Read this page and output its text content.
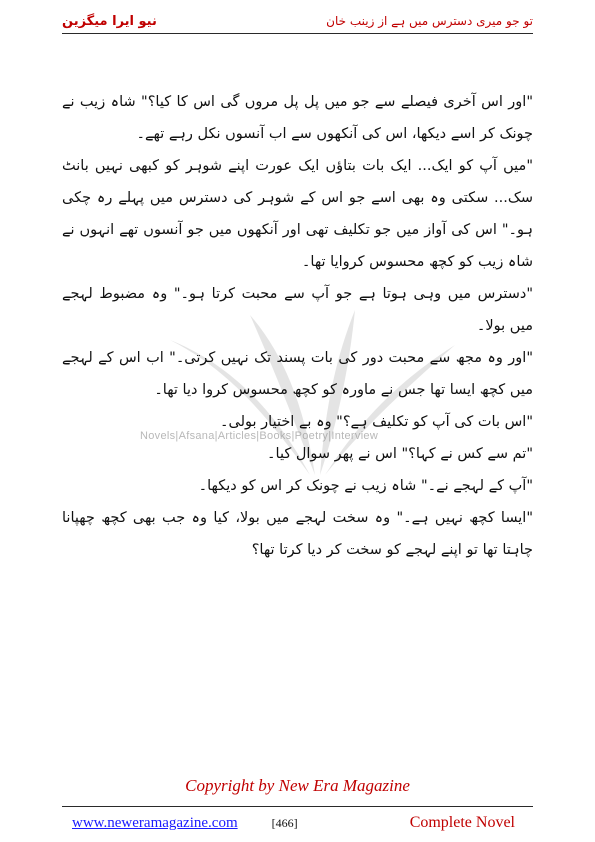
نیو ایرا میگزین	تو جو میری دسترس میں ہے از زینب خان
Novels|Afsana|Articles|Books|Poetry|Interview

"اور اس آخری فیصلے سے جو میں پل پل مروں گی اس کا کیا؟" شاہ زیب نے چونک کر اسے دیکھا، اس کی آنکھوں سے اب آنسوں نکل رہے تھے۔

"میں آپ کو ایک... ایک بات بتاؤں ایک عورت اپنے شوہر کو کبھی نہیں بانٹ سک... سکتی وہ بھی اسے جو اس کے شوہر کی دسترس میں پہلے رہ چکی ہو۔" اس کی آواز میں جو تکلیف تھی اور آنکھوں میں جو آنسوں تھے انہوں نے شاہ زیب کو کچھ محسوس کروایا تھا۔

"دسترس میں وہی ہوتا ہے جو آپ سے محبت کرتا ہو۔" وہ مضبوط لہجے میں بولا۔

"اور وہ مجھ سے محبت دور کی بات پسند تک نہیں کرتی۔" اب اس کے لہجے میں کچھ ایسا تھا جس نے ماورہ کو کچھ محسوس کروا دیا تھا۔

"اس بات کی آپ کو تکلیف ہے؟" وہ بے اختیار بولی۔

"تم سے کس نے کہا؟" اس نے پھر سوال کیا۔

"آپ کے لہجے نے۔" شاہ زیب نے چونک کر اس کو دیکھا۔

"ایسا کچھ نہیں ہے۔" وہ سخت لہجے میں بولا، کیا وہ جب بھی کچھ چھپانا چاہتا تھا تو اپنے لہجے کو سخت کر دیا کرتا تھا؟

Copyright by New Era Magazine
www.neweramagazine.com	[466]	Complete Novel
